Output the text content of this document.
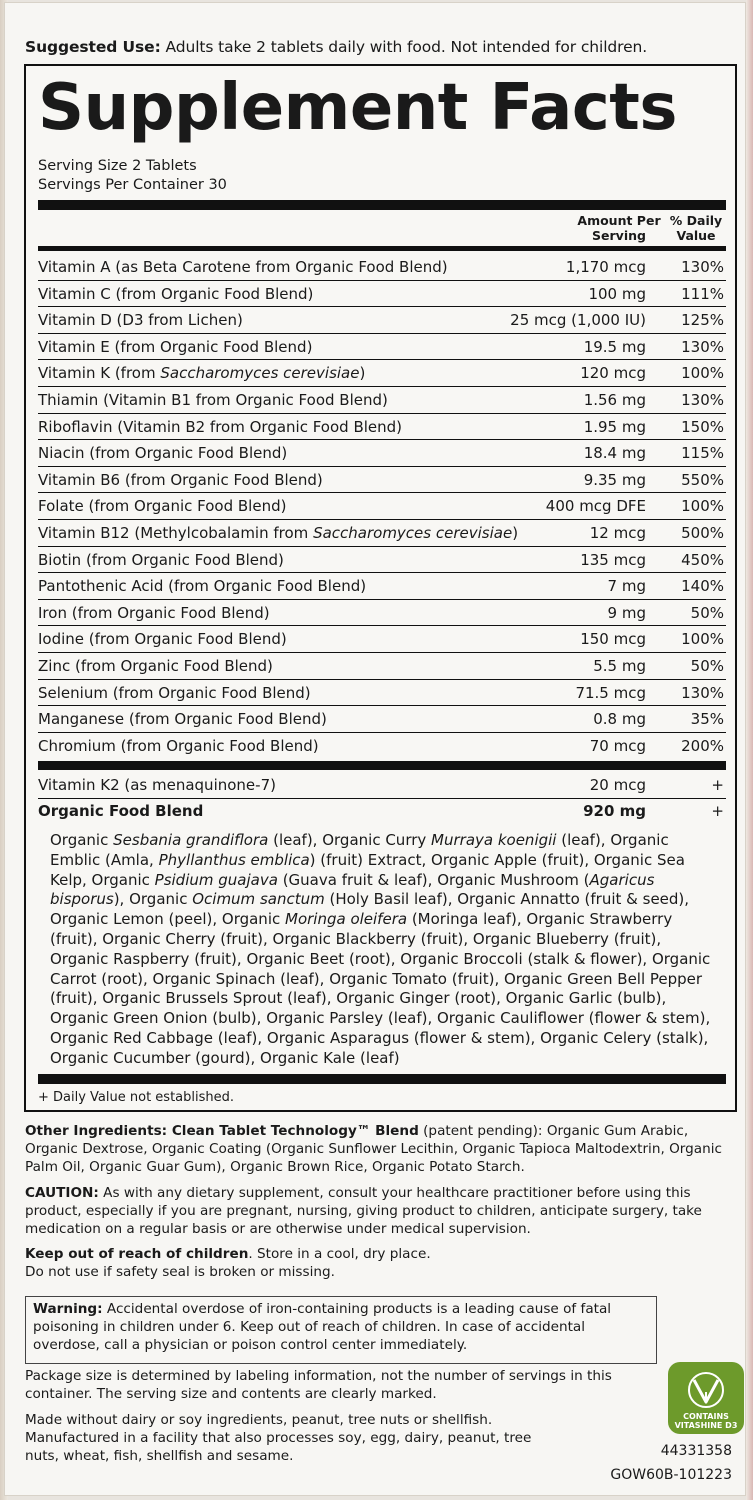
Suggested Use: Adults take 2 tablets daily with food. Not intended for children.
Supplement Facts
Serving Size 2 Tablets
Servings Per Container 30
Amount Per
Serving
% Daily
Value
Vitamin A (as Beta Carotene from Organic Food Blend)	1,170 mcg 130%
Vitamin C (from Organic Food Blend)	100 mg 111%
Vitamin D (D3 from Lichen)	25 mcg (1,000 IU) 125%
Vitamin E (from Organic Food Blend)	19.5 mg 130%
Vitamin K (from Saccharomyces cerevisiae)	120 mcg 100%
Thiamin (Vitamin B1 from Organic Food Blend)	1.56 mg 130%
Riboflavin (Vitamin B2 from Organic Food Blend)	1.95 mg 150%
Niacin (from Organic Food Blend)	18.4 mg 115%
Vitamin B6 (from Organic Food Blend)	9.35 mg 550%
Folate (from Organic Food Blend)	400 mcg DFE 100%
Vitamin B12 (Methylcobalamin from Saccharomyces cerevisiae)	12 mcg 500%
Biotin (from Organic Food Blend)	135 mcg 450%
Pantothenic Acid (from Organic Food Blend)	7 mg 140%
Iron (from Organic Food Blend)	9 mg	50%
Iodine (from Organic Food Blend)	150 mcg 100%
Zinc (from Organic Food Blend)	5.5 mg	50%
Selenium (from Organic Food Blend)	71.5 mcg 130%
Manganese (from Organic Food Blend)	0.8 mg	35%
Chromium (from Organic Food Blend)	70 mcg 200%
Vitamin K2 (as menaquinone-7)	20 mcg	+
Organic Food Blend	920 mg	+
Organic Sesbania grandiflora (leaf), Organic Curry Murraya koenigii (leaf), Organic Emblic (Amla, Phyllanthus emblica) (fruit) Extract, Organic Apple (fruit), Organic Sea Kelp, Organic Psidium guajava (Guava fruit & leaf), Organic Mushroom (Agaricus bisporus), Organic Ocimum sanctum (Holy Basil leaf), Organic Annatto (fruit & seed), Organic Lemon (peel), Organic Moringa oleifera (Moringa leaf), Organic Strawberry (fruit), Organic Cherry (fruit), Organic Blackberry (fruit), Organic Blueberry (fruit), Organic Raspberry (fruit), Organic Beet (root), Organic Broccoli (stalk & flower), Organic Carrot (root), Organic Spinach (leaf), Organic Tomato (fruit), Organic Green Bell Pepper (fruit), Organic Brussels Sprout (leaf), Organic Ginger (root), Organic Garlic (bulb), Organic Green Onion (bulb), Organic Parsley (leaf), Organic Cauliflower (flower & stem), Organic Red Cabbage (leaf), Organic Asparagus (flower & stem), Organic Celery (stalk), Organic Cucumber (gourd), Organic Kale (leaf)
+ Daily Value not established.
Other Ingredients: Clean Tablet Technology™ Blend (patent pending): Organic Gum Arabic, Organic Dextrose, Organic Coating (Organic Sunflower Lecithin, Organic Tapioca Maltodextrin, Organic Palm Oil, Organic Guar Gum), Organic Brown Rice, Organic Potato Starch.
CAUTION: As with any dietary supplement, consult your healthcare practitioner before using this product, especially if you are pregnant, nursing, giving product to children, anticipate surgery, take medication on a regular basis or are otherwise under medical supervision.
Keep out of reach of children. Store in a cool, dry place.
Do not use if safety seal is broken or missing.
Warning: Accidental overdose of iron-containing products is a leading cause of fatal poisoning in children under 6. Keep out of reach of children. In case of accidental overdose, call a physician or poison control center immediately.
Package size is determined by labeling information, not the number of servings in this container. The serving size and contents are clearly marked.
Made without dairy or soy ingredients, peanut, tree nuts or shellfish. Manufactured in a facility that also processes soy, egg, dairy, peanut, tree nuts, wheat, fish, shellfish and sesame.
CONTAINS
VITASHINE D3
44331358
GOW60B-101223
